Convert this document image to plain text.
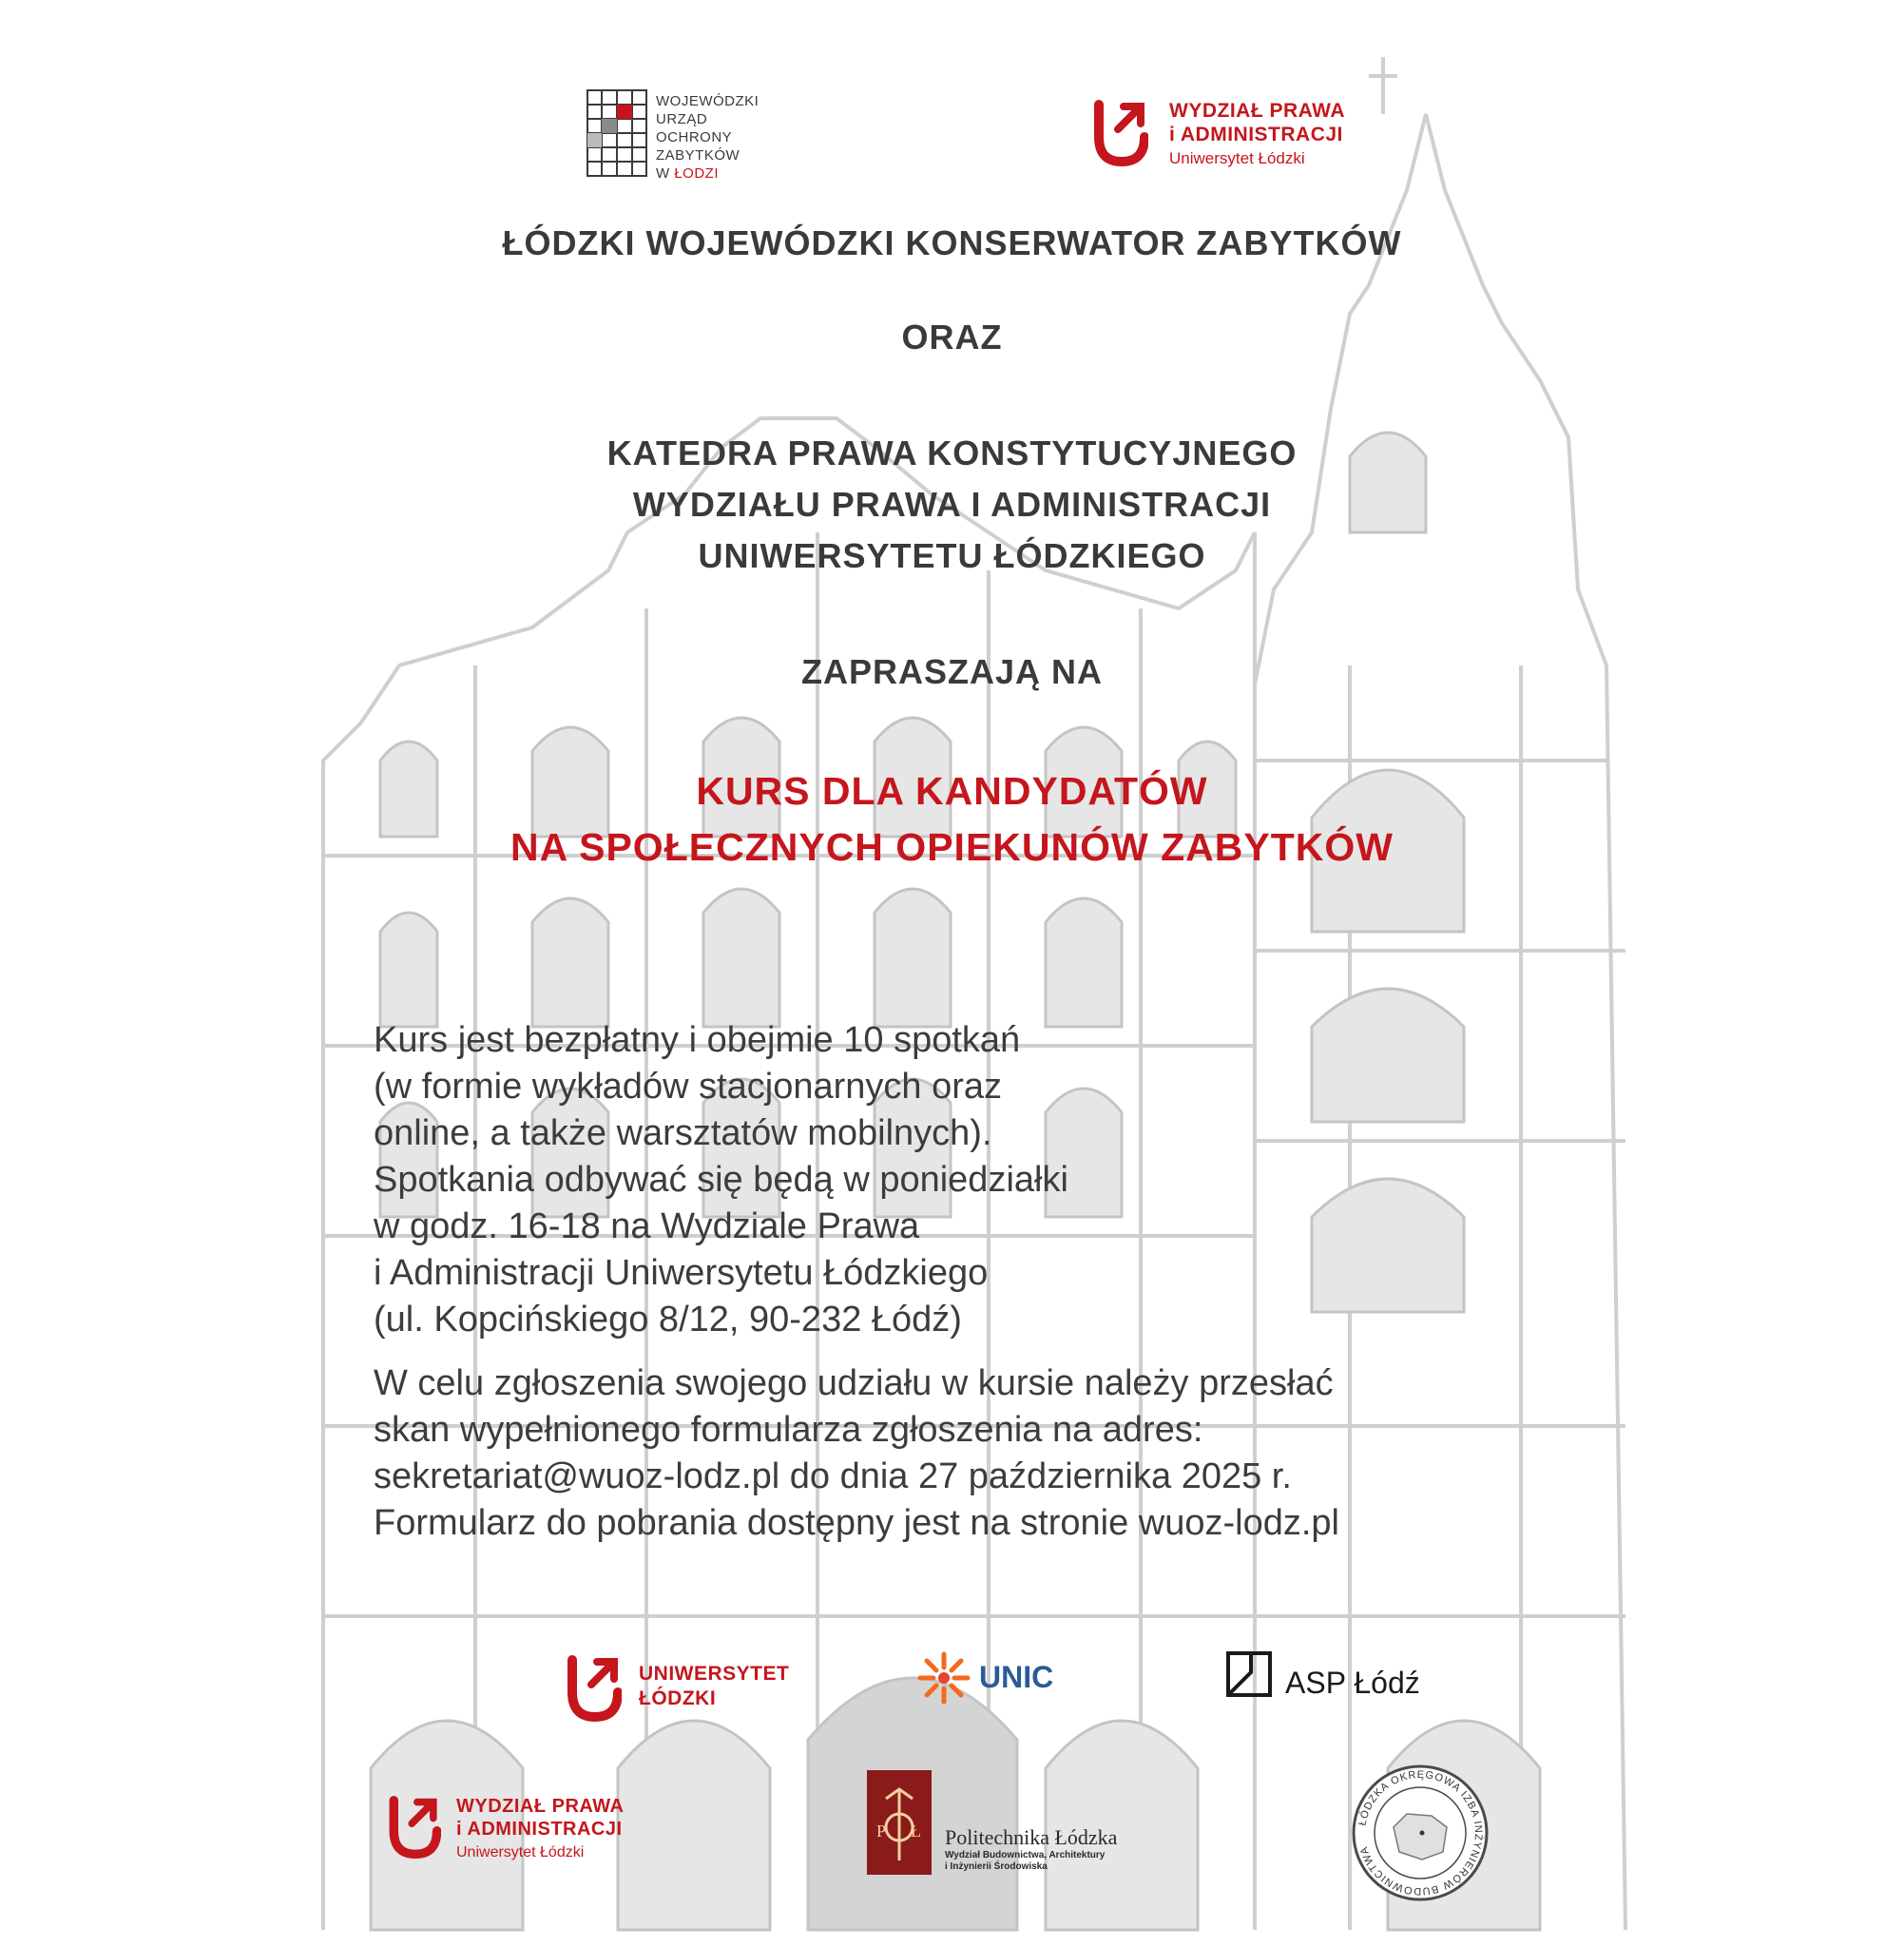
WOJEWÓDZKI
URZĄD
OCHRONY
ZABYTKÓW
W ŁODZI
WYDZIAŁ PRAWA
i ADMINISTRACJI
Uniwersytet Łódzki
ŁÓDZKI WOJEWÓDZKI KONSERWATOR ZABYTKÓW
ORAZ
KATEDRA PRAWA KONSTYTUCYJNEGO
WYDZIAŁU PRAWA I ADMINISTRACJI
UNIWERSYTETU ŁÓDZKIEGO
ZAPRASZAJĄ NA
KURS DLA KANDYDATÓW
NA SPOŁECZNYCH OPIEKUNÓW ZABYTKÓW
Kurs jest bezpłatny i obejmie 10 spotkań
(w formie wykładów stacjonarnych oraz
online, a także warsztatów mobilnych).
Spotkania odbywać się będą w poniedziałki
w godz. 16-18 na Wydziale Prawa
i Administracji Uniwersytetu Łódzkiego
(ul. Kopcińskiego 8/12, 90-232 Łódź)
W celu zgłoszenia swojego udziału w kursie należy przesłać
skan wypełnionego formularza zgłoszenia na adres:
sekretariat@wuoz-lodz.pl do dnia 27 października 2025 r.
Formularz do pobrania dostępny jest na stronie wuoz-lodz.pl
UNIWERSYTET
ŁÓDZKI
UNIC	ASP Łódź
WYDZIAŁ PRAWA
i ADMINISTRACJI
Uniwersytet Łódzki
P Ł Politechnika Łódzka
Wydział Budownictwa, Architektury
i Inżynierii Środowiska
ŁÓDZKA OKRĘGOWA IZBA INŻYNIERÓW BUDOWNICTWA
